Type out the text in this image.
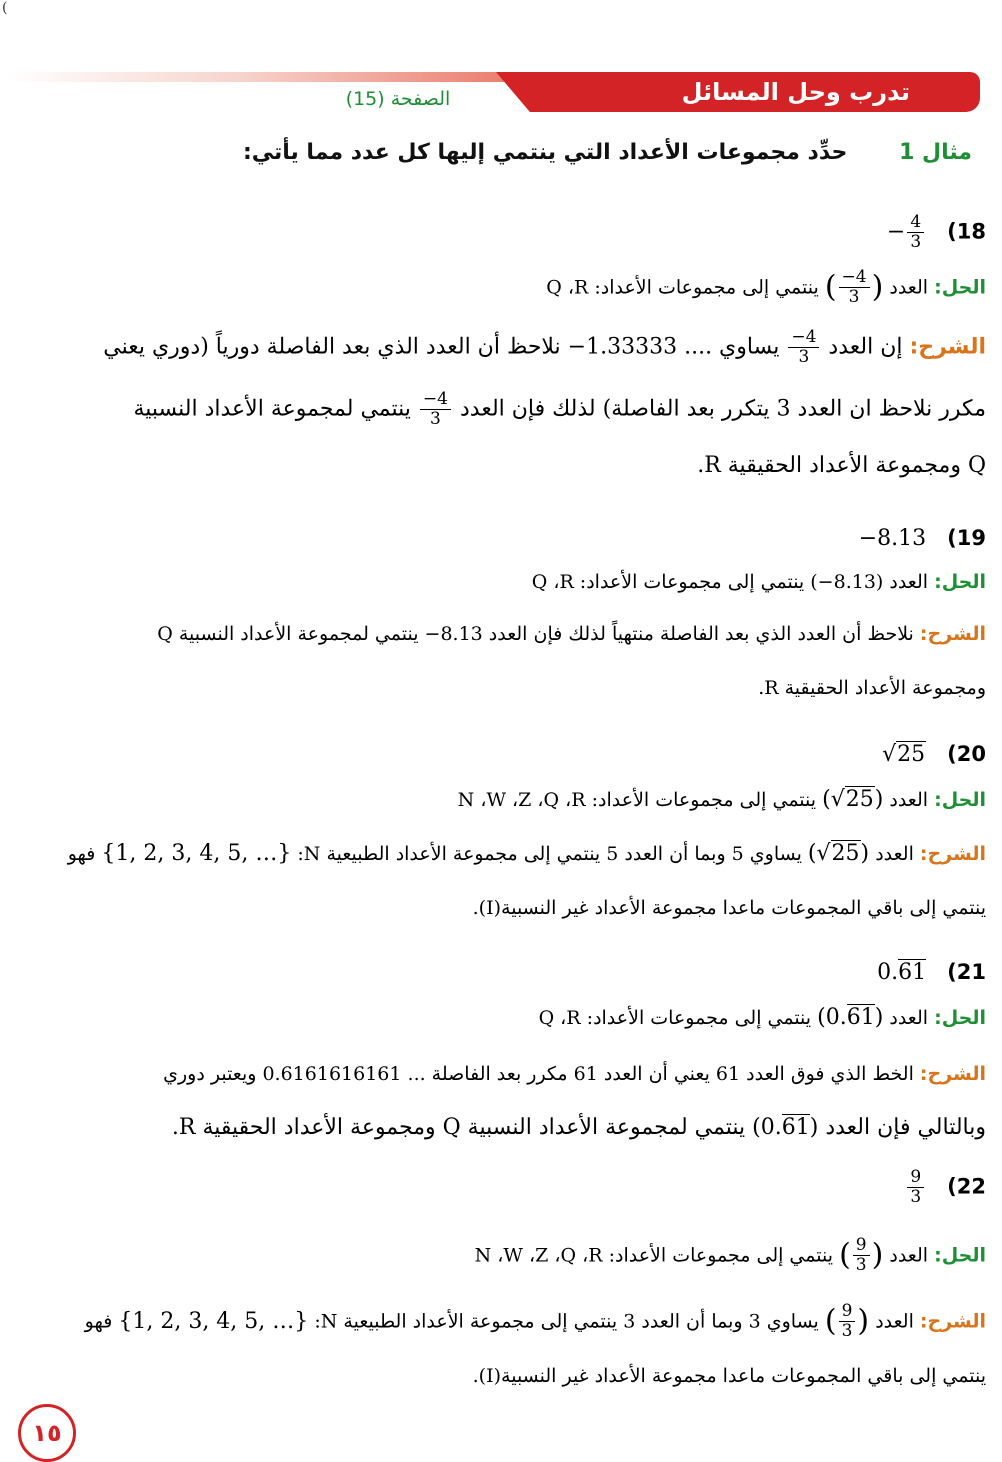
)
تدرب وحل المسائل
الصفحة (15)
مثال 1 حدِّد مجموعات الأعداد التي ينتمي إليها كل عدد مما يأتي:
$18) - \frac{4}{3}$
الحل: العدد ( $\frac{-4}{3}$ ) ينتمي إلى مجموعات الأعداد: Q ،R
الشرح: إن العدد
$\frac{-4}{3}$
يساوي .... 1.33333− نلاحظ أن العدد الذي بعد الفاصلة دورياً (دوري يعني
مكرر نلاحظ ان العدد 3 يتكرر بعد الفاصلة) لذلك فإن العدد
$\frac{-4}{3}$
ينتمي لمجموعة الأعداد النسبية
Q ومجموعة الأعداد الحقيقية R.
19)   −8.13
الحل: العدد (8.13−) ينتمي إلى مجموعات الأعداد: Q ،R
الشرح: نلاحظ أن العدد الذي بعد الفاصلة منتهياً لذلك فإن العدد 8.13− ينتمي لمجموعة الأعداد النسبية Q
ومجموعة الأعداد الحقيقية R.
20)   √25
الحل: العدد (√25) ينتمي إلى مجموعات الأعداد: N ،W ،Z ،Q ،R
الشرح: العدد (√25) يساوي 5 وبما أن العدد 5 ينتمي إلى مجموعة الأعداد الطبيعية N: {1, 2, 3, 4, 5, …} فهو
ينتمي إلى باقي المجموعات ماعدا مجموعة الأعداد غير النسبية(I).
21)   0.61
الحل: العدد (0.61) ينتمي إلى مجموعات الأعداد: Q ،R
الشرح: الخط الذي فوق العدد 61 يعني أن العدد 61 مكرر بعد الفاصلة ... 0.6161616161 ويعتبر دوري
وبالتالي فإن العدد (0.61) ينتمي لمجموعة الأعداد النسبية Q ومجموعة الأعداد الحقيقية R.
22)
$\frac{9}{3}$
الحل: العدد ( $\frac{9}{3}$ ) ينتمي إلى مجموعات الأعداد: N ،W ،Z ،Q ،R
الشرح: العدد ( $\frac{9}{3}$ ) يساوي 3 وبما أن العدد 3 ينتمي إلى مجموعة الأعداد الطبيعية N: {1, 2, 3, 4, 5, …} فهو
ينتمي إلى باقي المجموعات ماعدا مجموعة الأعداد غير النسبية(I).
١٥
